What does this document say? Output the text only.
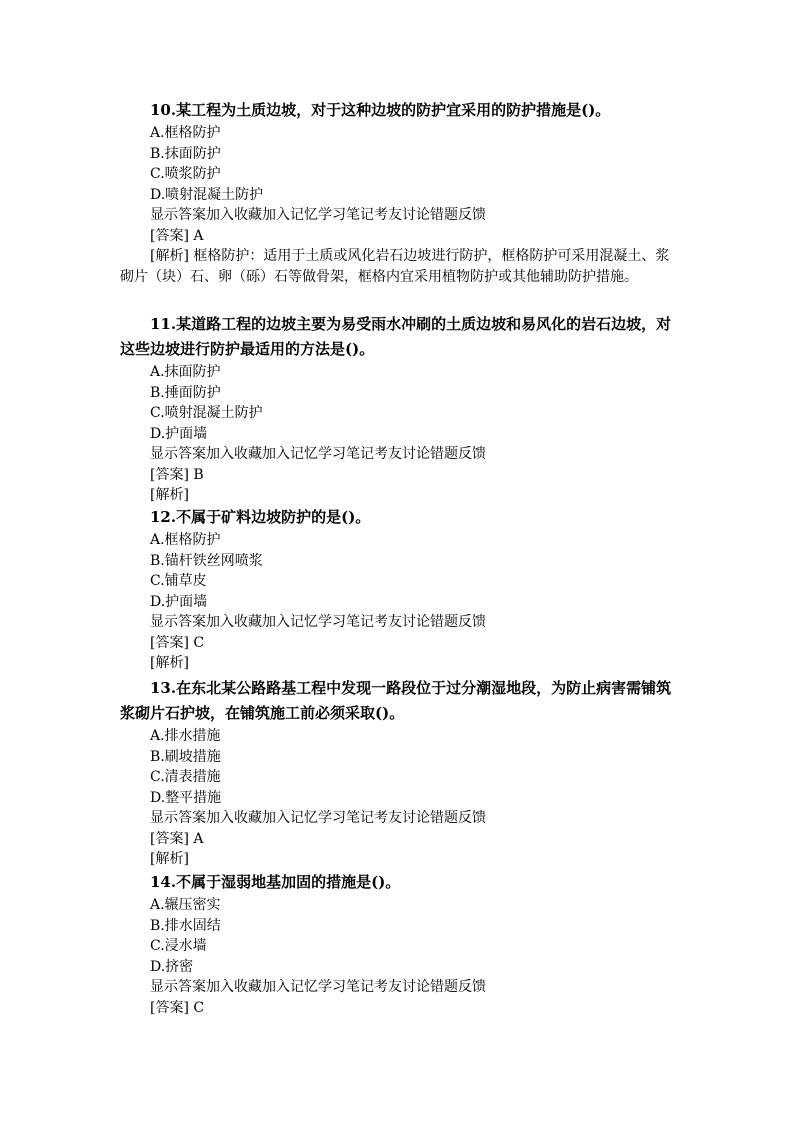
10.某工程为土质边坡，对于这种边坡的防护宜采用的防护措施是()。

A.框格防护

B.抹面防护

C.喷浆防护

D.喷射混凝土防护

显示答案加入收藏加入记忆学习笔记考友讨论错题反馈

[答案] A

[解析] 框格防护：适用于土质或风化岩石边坡进行防护，框格防护可采用混凝土、浆砌片（块）石、卵（砾）石等做骨架，框格内宜采用植物防护或其他辅助防护措施。

11.某道路工程的边坡主要为易受雨水冲刷的土质边坡和易风化的岩石边坡，对这些边坡进行防护最适用的方法是()。

A.抹面防护

B.捶面防护

C.喷射混凝土防护

D.护面墙

显示答案加入收藏加入记忆学习笔记考友讨论错题反馈

[答案] B

[解析]

12.不属于矿料边坡防护的是()。

A.框格防护

B.锚杆铁丝网喷浆

C.铺草皮

D.护面墙

显示答案加入收藏加入记忆学习笔记考友讨论错题反馈

[答案] C

[解析]

13.在东北某公路路基工程中发现一路段位于过分潮湿地段，为防止病害需铺筑浆砌片石护坡，在铺筑施工前必须采取()。

A.排水措施

B.刷坡措施

C.清表措施

D.整平措施

显示答案加入收藏加入记忆学习笔记考友讨论错题反馈

[答案] A

[解析]

14.不属于湿弱地基加固的措施是()。

A.辗压密实

B.排水固结

C.浸水墙

D.挤密

显示答案加入收藏加入记忆学习笔记考友讨论错题反馈

[答案] C
